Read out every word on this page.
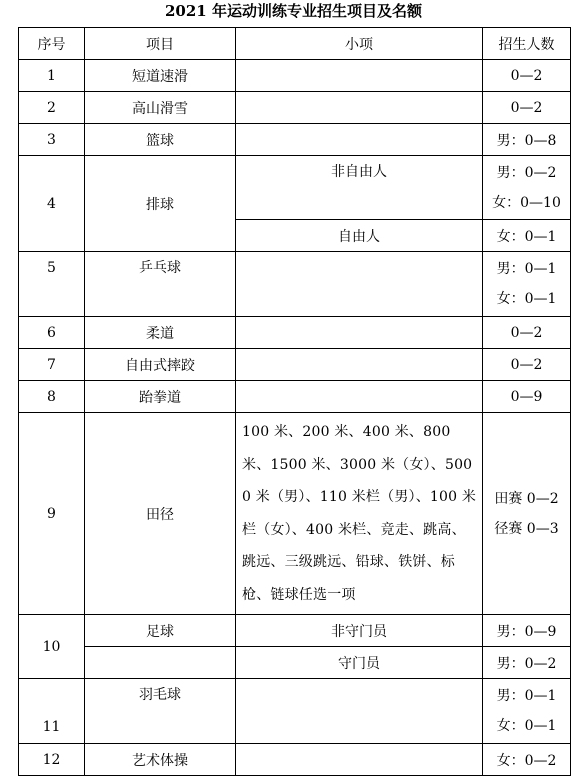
2021 年运动训练专业招生项目及名额
序号	项目	小项	招生人数
1	短道速滑		0—2
2	高山滑雪		0—2
3	篮球		男：0—8
4	排球	非自由人	男：0—2
女：0—10

		自由人	女：0—1

5	乒乓球		男：0—1
女：0—1

6	柔道		0—2
7	自由式摔跤		0—2
8	跆拳道		0—9
9	田径	100 米、200 米、400 米、800 米、1500 米、3000 米（女）、5000 米（男）、110 米栏（男）、100 米栏（女）、400 米栏、竞走、跳高、跳远、三级跳远、铅球、铁饼、标枪、链球任选一项	田赛 0—2
径赛 0—3

10	足球	非守门员	男：0—9
		守门员	男：0—2

11	羽毛球		男：0—1
女：0—1

12	艺术体操		女：0—2
